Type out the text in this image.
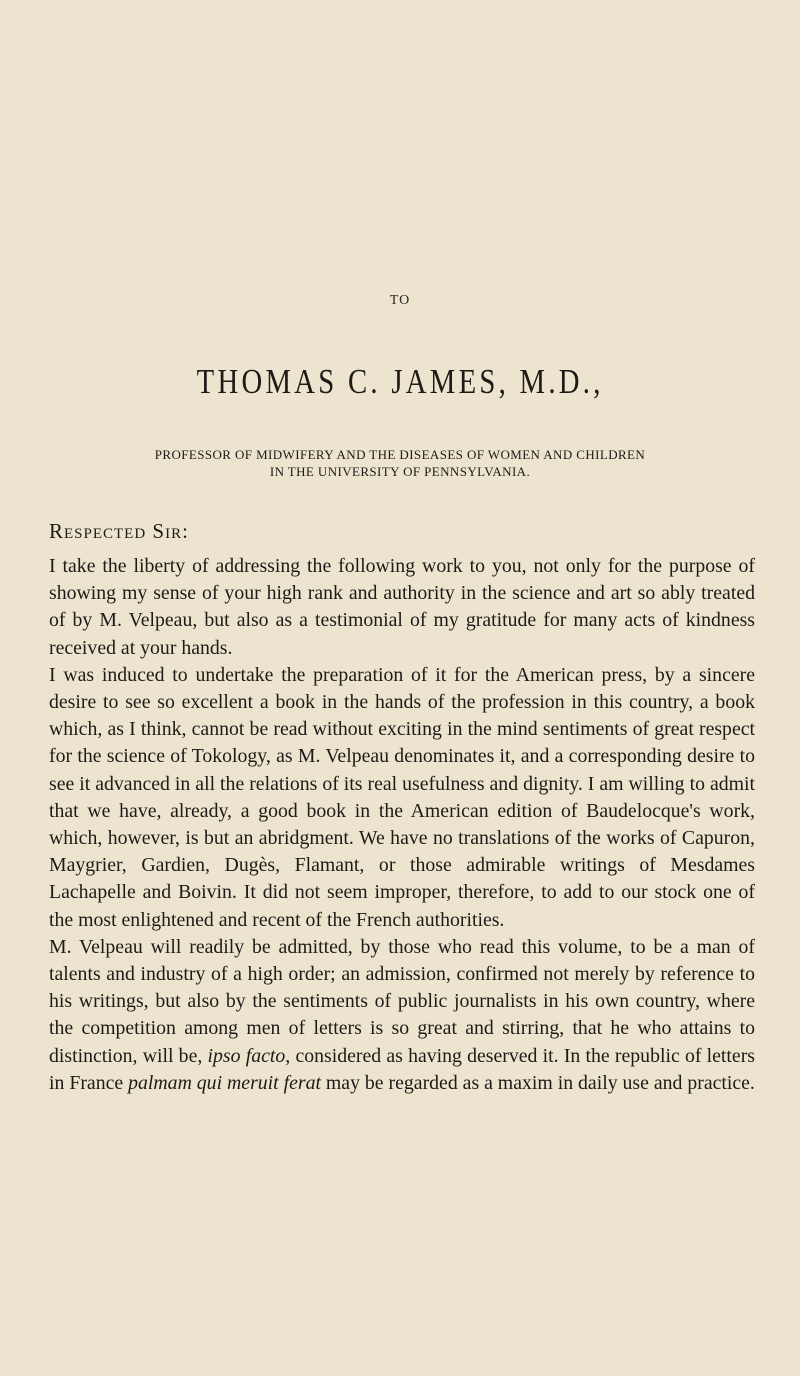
TO
THOMAS C. JAMES, M.D.,
PROFESSOR OF MIDWIFERY AND THE DISEASES OF WOMEN AND CHILDREN
IN THE UNIVERSITY OF PENNSYLVANIA.
Respected Sir:

I take the liberty of addressing the following work to you, not only for the purpose of showing my sense of your high rank and authority in the science and art so ably treated of by M. Velpeau, but also as a testimonial of my gratitude for many acts of kindness received at your hands.

I was induced to undertake the preparation of it for the American press, by a sincere desire to see so excellent a book in the hands of the profession in this country, a book which, as I think, cannot be read without exciting in the mind sentiments of great respect for the science of Tokology, as M. Velpeau denominates it, and a corresponding desire to see it advanced in all the relations of its real usefulness and dignity. I am willing to admit that we have, already, a good book in the American edition of Baudelocque's work, which, however, is but an abridgment. We have no translations of the works of Capuron, Maygrier, Gardien, Dugès, Flamant, or those admirable writings of Mesdames Lachapelle and Boivin. It did not seem improper, therefore, to add to our stock one of the most enlightened and recent of the French authorities.

M. Velpeau will readily be admitted, by those who read this volume, to be a man of talents and industry of a high order; an admission, confirmed not merely by reference to his writings, but also by the sentiments of public journalists in his own country, where the competition among men of letters is so great and stirring, that he who attains to distinction, will be, ipso facto, considered as having deserved it. In the republic of letters in France palmam qui meruit ferat may be regarded as a maxim in daily use and practice.
